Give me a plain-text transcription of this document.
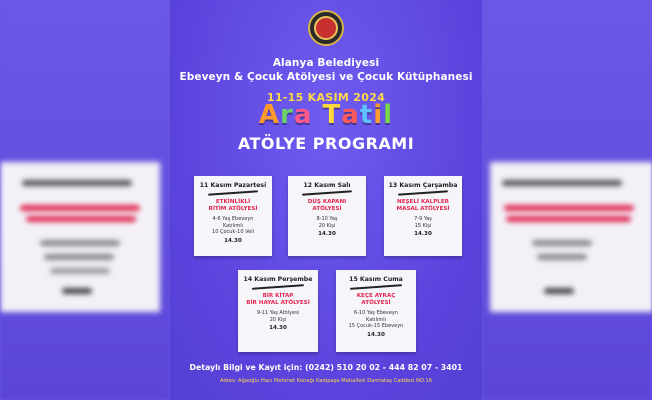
Alanya Belediyesi
Ebeveyn & Çocuk Atölyesi ve Çocuk Kütüphanesi
11-15 KASIM 2024
Ara Tatil
ATÖLYE PROGRAMI
11 Kasım Pazartesi
ETKİNLİKLİ
RİTİM ATÖLYESİ
4-6 Yaş Ebeveyn
Katılımlı
10 Çocuk-10 Veli
14.30
12 Kasım Salı
DÜŞ KAPANI
ATÖLYESİ
8-10 Yaş
20 Kişi
14.30
13 Kasım Çarşamba
NEŞELİ KALPLER
MASAL ATÖLYESİ
7-9 Yaş
15 Kişi
14.30
14 Kasım Perşembe
BİR KİTAP
BİR HAYAL ATÖLYESİ
9-11 Yaş Atölyesi
20 Kişi
14.30
15 Kasım Cuma
KEÇE AYRAÇ
ATÖLYESİ
6-10 Yaş Ebeveyn
Katılımlı
15 Çocuk-15 Ebeveyn
14.30
Detaylı Bilgi ve Kayıt için: (0242) 510 20 02 - 444 82 07 - 3401
Adres: Ağaoğlu Hacı Mehmet Konağı Kadıpaşa Mahallesi Damlataş Caddesi NO.16
